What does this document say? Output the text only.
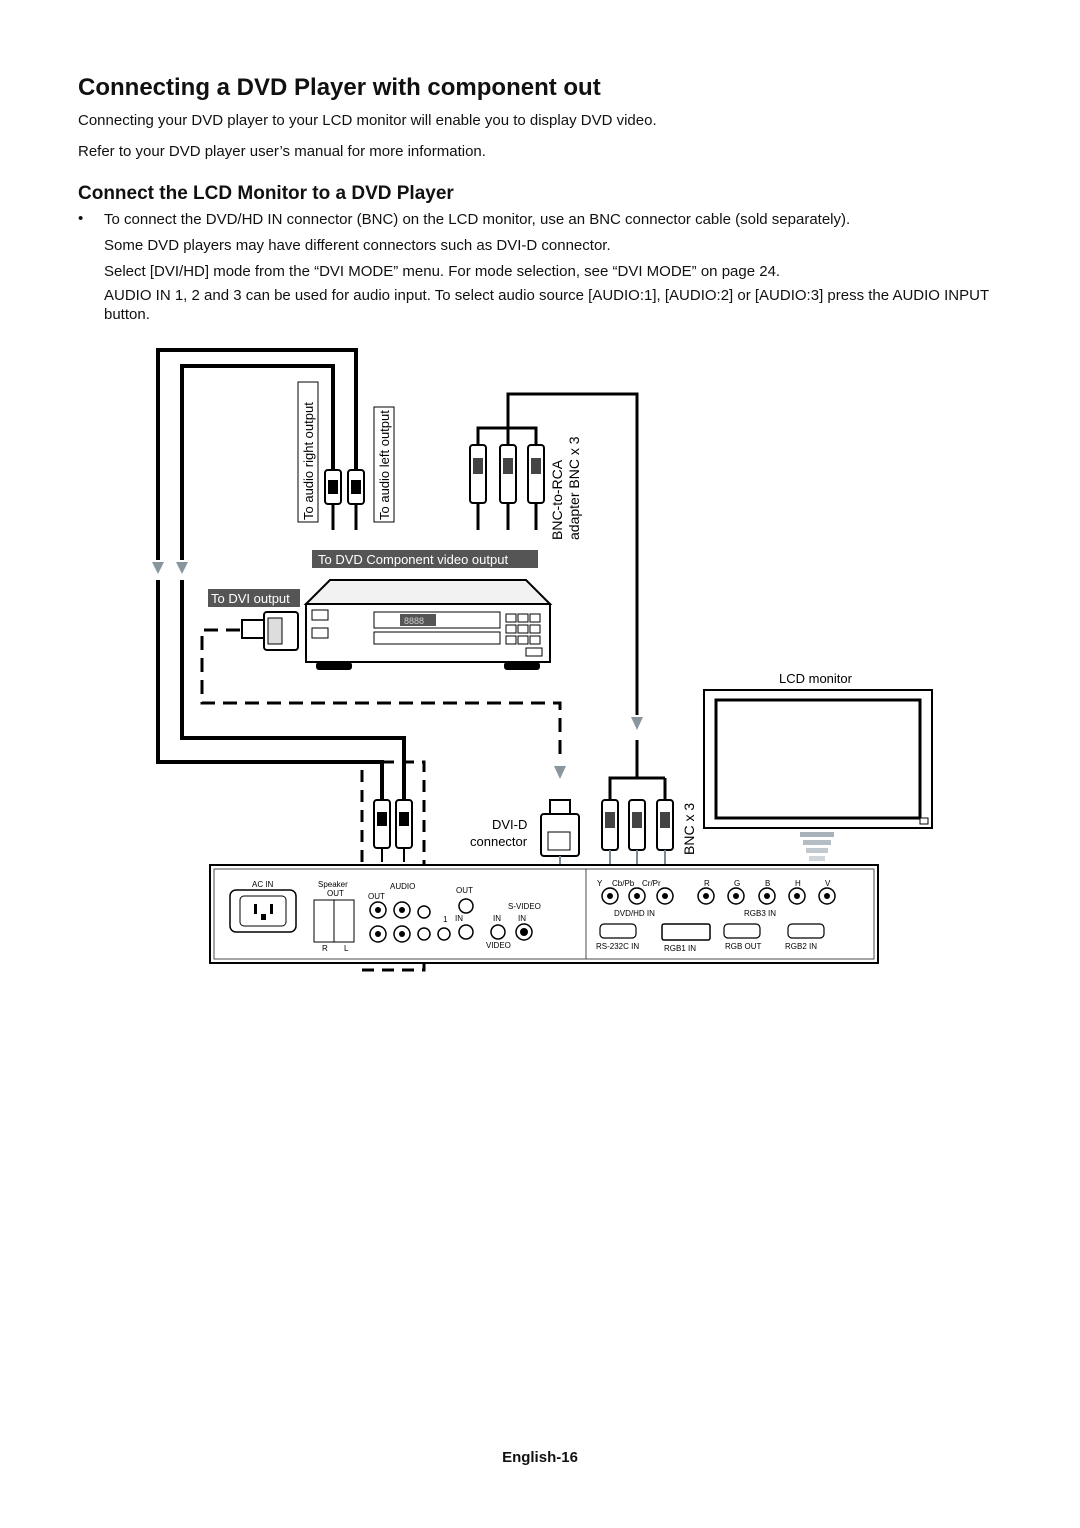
Connecting a DVD Player with component out
Connecting your DVD player to your LCD monitor will enable you to display DVD video.
Refer to your DVD player user’s manual for more information.
Connect the LCD Monitor to a DVD Player
• To connect the DVD/HD IN connector (BNC) on the LCD monitor, use an BNC connector cable (sold separately).
Some DVD players may have different connectors such as DVI-D connector.
Select [DVI/HD] mode from the “DVI MODE” menu. For mode selection, see “DVI MODE” on page 24.
AUDIO IN 1, 2 and 3 can be used for audio input. To select audio source [AUDIO:1], [AUDIO:2] or [AUDIO:3] press the AUDIO INPUT button.
To audio right output	To audio left output	BNC-to-RCA adapter BNC x 3
To DVD Component video output
To DVI output
8888
LCD monitor
DVI-D
connector	BNC x 3
AC IN	Speaker
OUT
R L
AUDIO
OUT
1
OUT
IN	IN
S-VIDEO
IN
VIDEO
Y Cb/Pb Cr/Pr	R	G	B	H	V
DVD/HD IN	RGB3 IN
RS-232C IN	RGB1 IN	RGB OUT	RGB2 IN
English-16
